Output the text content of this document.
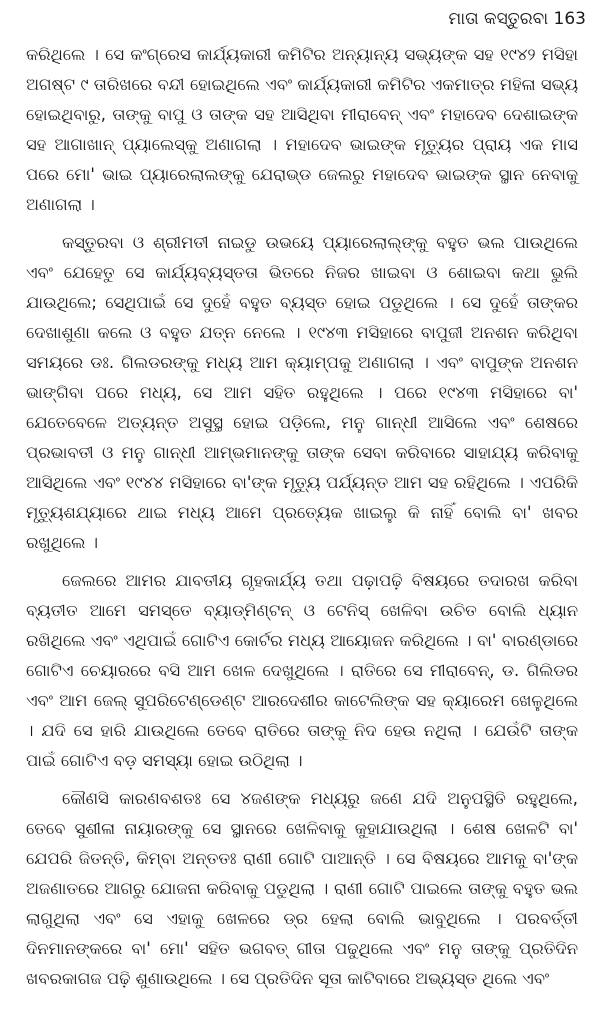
ମାତା କସ୍ତୁରବା 163

କରିଥିଲେ । ସେ କଂଗ୍ରେସ କାର୍ଯ୍ୟକାରୀ କମିଟିର ଅନ୍ୟାନ୍ୟ ସଭ୍ୟଙ୍କ ସହ ୧୯୪୨ ମସିହା ଅଗଷ୍ଟ ୯ ତାରିଖରେ ବନ୍ଦୀ ହୋଇଥିଲେ ଏବଂ କାର୍ଯ୍ୟକାରୀ କମିଟିର ଏକମାତ୍ର ମହିଳା ସଭ୍ୟ ହୋଇଥିବାରୁ, ତାଙ୍କୁ ବାପୁ ଓ ତାଙ୍କ ସହ ଆସିଥିବା ମୀରାବେନ୍ ଏବଂ ମହାଦେବ ଦେଶାଇଙ୍କ ସହ ଆଗାଖାନ୍ ପ୍ୟାଲେସ୍‌କୁ ଅଣାଗଲା । ମହାଦେବ ଭାଇଙ୍କ ମୃତ୍ୟୁର ପ୍ରାୟ ଏକ ମାସ ପରେ ମୋ' ଭାଇ ପ୍ୟାରେଲାଲଙ୍କୁ ଯେରାଭ୍ଡ ଜେଲରୁ ମହାଦେବ ଭାଇଙ୍କ ସ୍ଥାନ ନେବାକୁ ଅଣାଗଲା ।

କସ୍ତୁରବା ଓ ଶ୍ରୀମତୀ ନାଇଡୁ ଉଭୟେ ପ୍ୟାରେଲାଲ୍‌ଙ୍କୁ ବହୁତ ଭଲ ପାଉଥିଲେ ଏବଂ ଯେହେତୁ ସେ କାର୍ଯ୍ୟବ୍ୟସ୍ତତା ଭିତରେ ନିଜର ଖାଇବା ଓ ଶୋଇବା କଥା ଭୁଲି ଯାଉଥିଲେ; ସେଥିପାଇଁ ସେ ଦୁହେଁ ବହୁତ ବ୍ୟସ୍ତ ହୋଇ ପଡୁଥିଲେ । ସେ ଦୁହେଁ ତାଙ୍କର ଦେଖାଶୁଣା କଲେ ଓ ବହୁତ ଯତ୍ନ ନେଲେ । ୧୯୪୩ ମସିହାରେ ବାପୁଜୀ ଅନଶନ କରିଥିବା ସମୟରେ ଡଃ. ଗିଲଡରଙ୍କୁ ମଧ୍ୟ ଆମ କ୍ୟାମ୍ପକୁ ଅଣାଗଲା । ଏବଂ ବାପୁଙ୍କ ଅନଶନ ଭାଙ୍ଗିବା ପରେ ମଧ୍ୟ, ସେ ଆମ ସହିତ ରହୁଥିଲେ । ପରେ ୧୯୪୩ ମସିହାରେ ବା' ଯେତେବେଳେ ଅତ୍ୟନ୍ତ ଅସୁସ୍ଥ ହୋଇ ପଡ଼ିଲେ, ମନୁ ଗାନ୍ଧୀ ଆସିଲେ ଏବଂ ଶେଷରେ ପ୍ରଭାବତୀ ଓ ମନୁ ଗାନ୍ଧୀ ଆମ୍ଭମାନଙ୍କୁ ତାଙ୍କ ସେବା କରିବାରେ ସାହାଯ୍ୟ କରିବାକୁ ଆସିଥିଲେ ଏବଂ ୧୯୪୪ ମସିହାରେ ବା'ଙ୍କ ମୃତ୍ୟୁ ପର୍ଯ୍ୟନ୍ତ ଆମ ସହ ରହିଥିଲେ । ଏପରିକି ମୃତ୍ୟୁଶଯ୍ୟାରେ ଥାଇ ମଧ୍ୟ ଆମେ ପ୍ରତ୍ୟେକ ଖାଇଲୁ କି ନାହିଁ ବୋଲି ବା' ଖବର ରଖୁଥିଲେ ।

ଜେଲରେ ଆମର ଯାବତୀୟ ଗୃହକାର୍ଯ୍ୟ ତଥା ପଢ଼ାପଢ଼ି ବିଷୟରେ ତଦାରଖ କରିବା ବ୍ୟତୀତ ଆମେ ସମସ୍ତେ ବ୍ୟାଡ୍‌ମିଣ୍ଟନ୍ ଓ ଟେନିସ୍ ଖେଳିବା ଉଚିତ ବୋଲି ଧ୍ୟାନ ରଖିଥିଲେ ଏବଂ ଏଥିପାଇଁ ଗୋଟିଏ କୋର୍ଟର ମଧ୍ୟ ଆୟୋଜନ କରିଥିଲେ । ବା' ବାରଣ୍ଡାରେ ଗୋଟିଏ ଚେୟାରରେ ବସି ଆମ ଖେଳ ଦେଖୁଥିଲେ । ରାତିରେ ସେ ମୀରାବେନ୍, ଡ. ଗିଲିଡର ଏବଂ ଆମ ଜେଲ୍ ସୁପରିଟେଣ୍ଡେଣ୍ଟ ଆରଦେଶୀର କାଟେଲିଙ୍କ ସହ କ୍ୟାରେମ ଖେଳୁଥିଲେ । ଯଦି ସେ ହାରି ଯାଉଥିଲେ ତେବେ ରାତିରେ ତାଙ୍କୁ ନିଦ ହେଉ ନଥିଲା । ଯେଉଁଟି ତାଙ୍କ ପାଇଁ ଗୋଟିଏ ବଡ଼ ସମସ୍ୟା ହୋଇ ଉଠିଥିଲା ।

କୌଣସି କାରଣବଶତଃ ସେ ୪ଜଣଙ୍କ ମଧ୍ୟରୁ ଜଣେ ଯଦି ଅନୁପସ୍ଥିତି ରହୁଥିଲେ, ତେବେ ସୁଶୀଳା ନାୟାରଙ୍କୁ ସେ ସ୍ଥାନରେ ଖେଳିବାକୁ କୁହାଯାଉଥିଲା । ଶେଷ ଖେଳଟି ବା' ଯେପରି ଜିତନ୍ତି, କିମ୍ବା ଅନ୍ତତଃ ରାଣୀ ଗୋଟି ପାଆନ୍ତି । ସେ ବିଷୟରେ ଆମକୁ ବା'ଙ୍କ ଅଜଣାତରେ ଆଗରୁ ଯୋଜନା କରିବାକୁ ପଡୁଥିଲା । ରାଣୀ ଗୋଟି ପାଇଲେ ତାଙ୍କୁ ବହୁତ ଭଲ ଲାଗୁଥିଲା ଏବଂ ସେ ଏହାକୁ ଖେଳରେ ଡ୍ର ହେଲା ବୋଲି ଭାବୁଥିଲେ । ପରବର୍ତ୍ତୀ ଦିନମାନଙ୍କରେ ବା' ମୋ' ସହିତ ଭଗବତ୍ ଗୀତା ପଢୁଥିଲେ ଏବଂ ମନୁ ତାଙ୍କୁ ପ୍ରତିଦିନ ଖବରକାଗଜ ପଢ଼ି ଶୁଣାଉଥିଲେ । ସେ ପ୍ରତିଦିନ ସୂତା କାଟିବାରେ ଅଭ୍ୟସ୍ତ ଥିଲେ ଏବଂ
